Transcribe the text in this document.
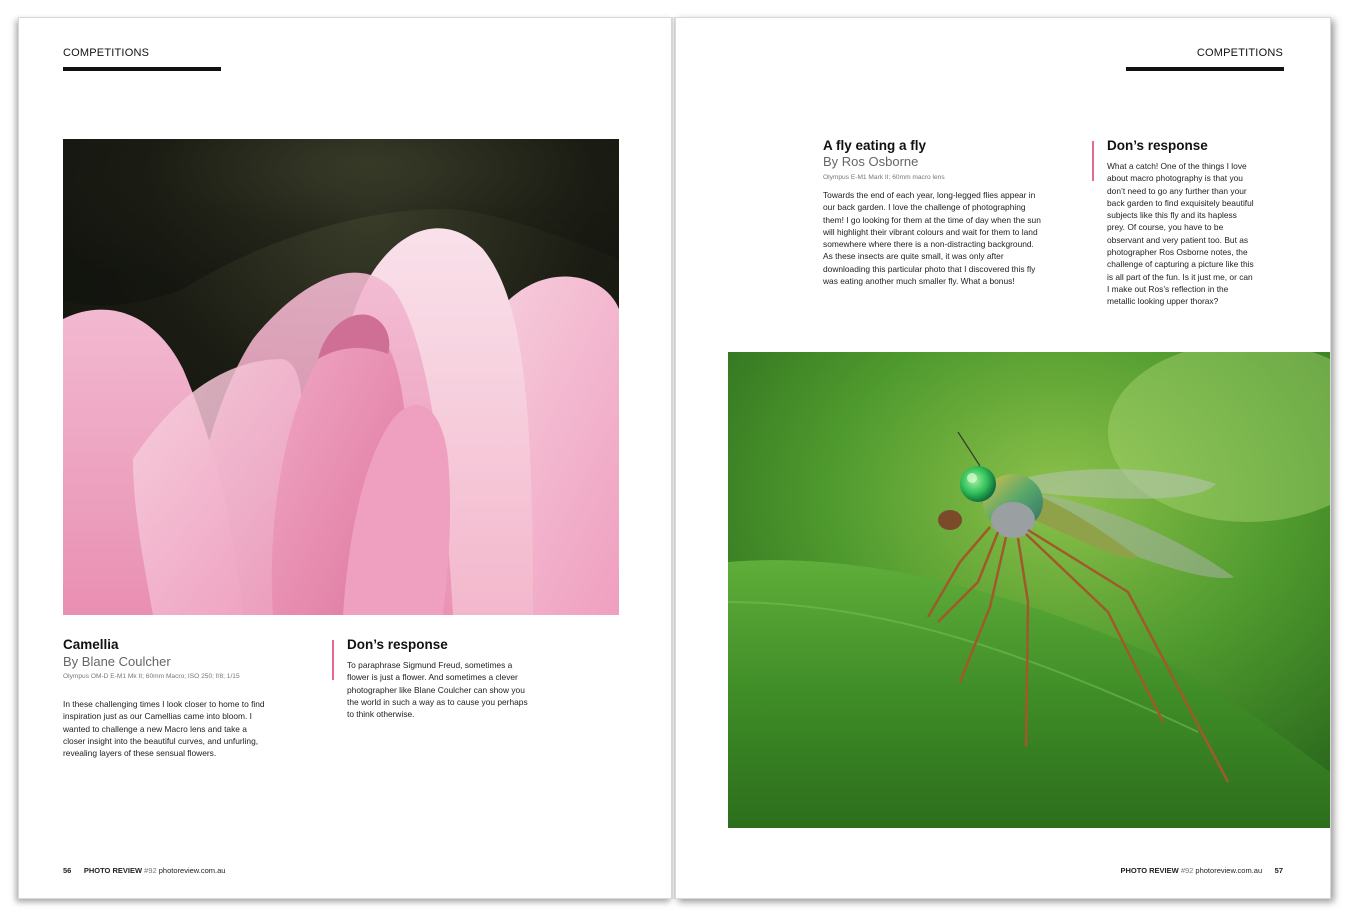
COMPETITIONS
Camellia
By Blane Coulcher
Olympus OM-D E-M1 Mk II; 60mm Macro; ISO 250; f/8; 1/15
In these challenging times I look closer to home to find inspiration just as our Camellias came into bloom. I wanted to challenge a new Macro lens and take a closer insight into the beautiful curves, and unfurling, revealing layers of these sensual flowers.
Don’s response
To paraphrase Sigmund Freud, sometimes a flower is just a flower. And sometimes a clever photographer like Blane Coulcher can show you the world in such a way as to cause you perhaps to think otherwise.
56 PHOTO REVIEW #92 photoreview.com.au
COMPETITIONS
A fly eating a fly
By Ros Osborne
Olympus E-M1 Mark II; 60mm macro lens
Towards the end of each year, long-legged flies appear in our back garden. I love the challenge of photographing them! I go looking for them at the time of day when the sun will highlight their vibrant colours and wait for them to land somewhere where there is a non-distracting background. As these insects are quite small, it was only after downloading this particular photo that I discovered this fly was eating another much smaller fly. What a bonus!
Don’s response
What a catch! One of the things I love about macro photography is that you don’t need to go any further than your back garden to find exquisitely beautiful subjects like this fly and its hapless prey. Of course, you have to be observant and very patient too. But as photographer Ros Osborne notes, the challenge of capturing a picture like this is all part of the fun. Is it just me, or can I make out Ros’s reflection in the metallic looking upper thorax?
PHOTO REVIEW #92 photoreview.com.au 57
